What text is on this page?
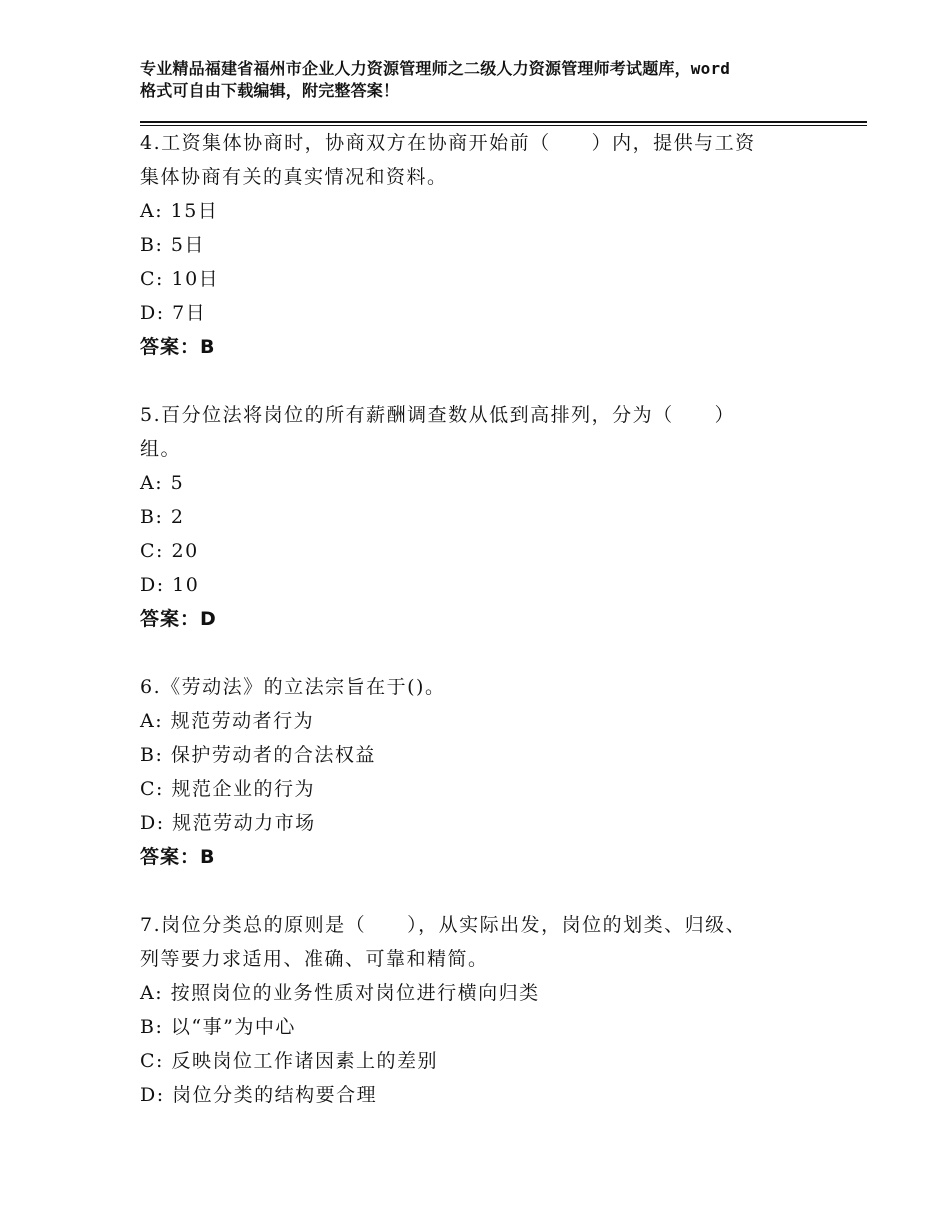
专业精品福建省福州市企业人力资源管理师之二级人力资源管理师考试题库，word
格式可自由下载编辑，附完整答案！
4.工资集体协商时，协商双方在协商开始前（　　）内，提供与工资
集体协商有关的真实情况和资料。
A: 15日
B: 5日
C: 10日
D: 7日
答案：B
5.百分位法将岗位的所有薪酬调查数从低到高排列，分为（　　）
组。
A: 5
B: 2
C: 20
D: 10
答案：D
6.《劳动法》的立法宗旨在于()。
A: 规范劳动者行为
B: 保护劳动者的合法权益
C: 规范企业的行为
D: 规范劳动力市场
答案：B
7.岗位分类总的原则是（　　），从实际出发，岗位的划类、归级、
列等要力求适用、准确、可靠和精简。
A: 按照岗位的业务性质对岗位进行横向归类
B: 以“事”为中心
C: 反映岗位工作诸因素上的差别
D: 岗位分类的结构要合理
